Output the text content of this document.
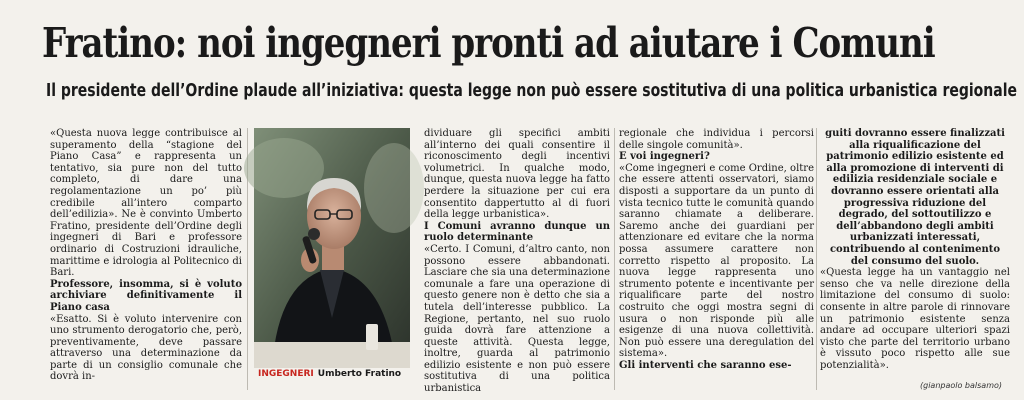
Fratino: noi ingegneri pronti ad aiutare i Comuni
Il presidente dell’Ordine plaude all’iniziativa: questa legge non può essere sostitutiva di una politica urbanistica regionale

«Questa nuova legge contribuisce al superamento della “stagione del Piano Casa” e rappresenta un tentativo, sia pure non del tutto completo, di dare una regolamentazione un po’ più credibile all’intero comparto dell’edilizia». Ne è convinto Umberto Fratino, presidente dell’Ordine degli ingegneri di Bari e professore ordinario di Costruzioni idrauliche, marittime e idrologia al Politecnico di Bari.

Professore, insomma, si è voluto archiviare definitivamente il Piano casa

«Esatto. Si è voluto intervenire con uno strumento derogatorio che, però, preventivamente, deve passare attraverso una determinazione da parte di un consiglio comunale che dovrà in-	INGEGNERI Umberto Fratino

dividuare gli specifici ambiti all’interno dei quali consentire il riconoscimento degli incentivi volumetrici. In qualche modo, dunque, questa nuova legge ha fatto perdere la situazione per cui era consentito dappertutto al di fuori della legge urbanistica».

I Comuni avranno dunque un ruolo determinante

«Certo. I Comuni, d’altro canto, non possono essere abbandonati. Lasciare che sia una determinazione comunale a fare una operazione di questo genere non è detto che sia a tutela dell’interesse pubblico. La Regione, pertanto, nel suo ruolo guida dovrà fare attenzione a queste attività. Questa legge, inoltre, guarda al patrimonio edilizio esistente e non può essere sostitutiva di una politica urbanistica

regionale che individua i percorsi delle singole comunità».

E voi ingegneri?

«Come ingegneri e come Ordine, oltre che essere attenti osservatori, siamo disposti a supportare da un punto di vista tecnico tutte le comunità quando saranno chiamate a deliberare. Saremo anche dei guardiani per attenzionare ed evitare che la norma possa assumere carattere non corretto rispetto al proposito. La nuova legge rappresenta uno strumento potente e incentivante per riqualificare parte del nostro costruito che oggi mostra segni di usura o non risponde più alle esigenze di una nuova collettività. Non può essere una deregulation del sistema».

Gli interventi che saranno ese-

guiti dovranno essere finalizzati alla riqualificazione del patrimonio edilizio esistente ed alla promozione di interventi di edilizia residenziale sociale e dovranno essere orientati alla progressiva riduzione del degrado, del sottoutilizzo e dell’abbandono degli ambiti urbanizzati interessati, contribuendo al contenimento del consumo del suolo.

«Questa legge ha un vantaggio nel senso che va nelle direzione della limitazione del consumo di suolo: consente in altre parole di rinnovare un patrimonio esistente senza andare ad occupare ulteriori spazi visto che parte del territorio urbano è vissuto poco rispetto alle sue potenzialità».

(gianpaolo balsamo)
